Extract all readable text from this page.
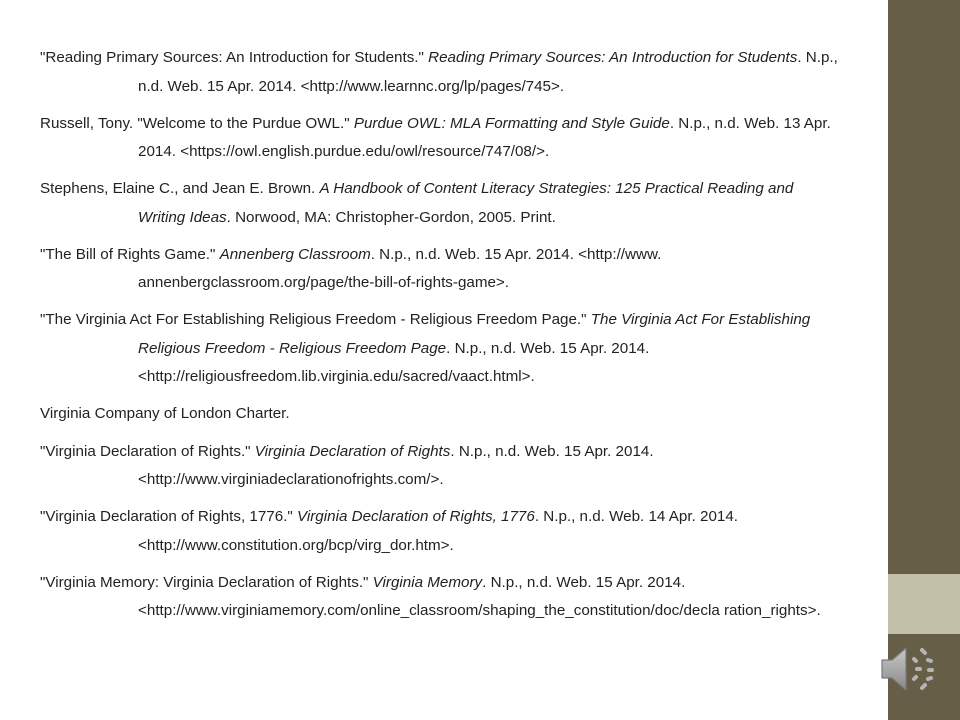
"Reading Primary Sources: An Introduction for Students." Reading Primary Sources: An Introduction for Students. N.p., n.d. Web. 15 Apr. 2014. <http://www.learnnc.org/lp/pages/745>.

Russell, Tony. "Welcome to the Purdue OWL." Purdue OWL: MLA Formatting and Style Guide. N.p., n.d. Web. 13 Apr. 2014. <https://owl.english.purdue.edu/owl/resource/747/08/>.

Stephens, Elaine C., and Jean E. Brown. A Handbook of Content Literacy Strategies: 125 Practical Reading and Writing Ideas. Norwood, MA: Christopher-Gordon, 2005. Print.

"The Bill of Rights Game." Annenberg Classroom. N.p., n.d. Web. 15 Apr. 2014. <http://www. annenbergclassroom.org/page/the-bill-of-rights-game>.

"The Virginia Act For Establishing Religious Freedom - Religious Freedom Page." The Virginia Act For Establishing Religious Freedom - Religious Freedom Page. N.p., n.d. Web. 15 Apr. 2014. <http://religiousfreedom.lib.virginia.edu/sacred/vaact.html>.

Virginia Company of London Charter.

"Virginia Declaration of Rights." Virginia Declaration of Rights. N.p., n.d. Web. 15 Apr. 2014. <http://www.virginiadeclarationofrights.com/>.

"Virginia Declaration of Rights, 1776." Virginia Declaration of Rights, 1776. N.p., n.d. Web. 14 Apr. 2014. <http://www.constitution.org/bcp/virg_dor.htm>.

"Virginia Memory: Virginia Declaration of Rights." Virginia Memory. N.p., n.d. Web. 15 Apr. 2014. <http://www.virginiamemory.com/online_classroom/shaping_the_constitution/doc/decla ration_rights>.
